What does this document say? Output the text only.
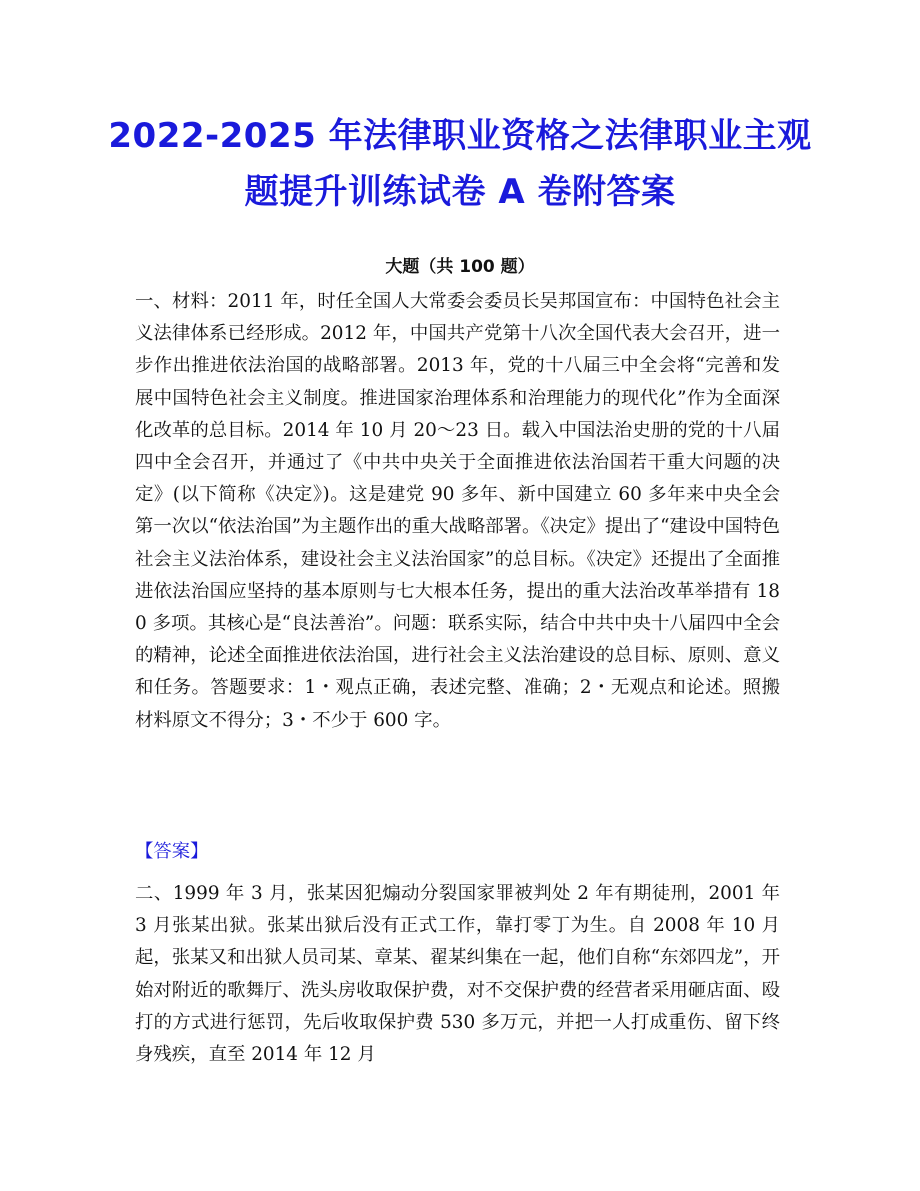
2022-2025 年法律职业资格之法律职业主观题提升训练试卷 A 卷附答案
大题（共 100 题）

一、材料：2011 年，时任全国人大常委会委员长吴邦国宣布：中国特色社会主义法律体系已经形成。2012 年，中国共产党第十八次全国代表大会召开，进一步作出推进依法治国的战略部署。2013 年，党的十八届三中全会将“完善和发展中国特色社会主义制度。推进国家治理体系和治理能力的现代化”作为全面深化改革的总目标。2014 年 10 月 20～23 日。载入中国法治史册的党的十八届四中全会召开，并通过了《中共中央关于全面推进依法治国若干重大问题的决定》(以下简称《决定》)。这是建党 90 多年、新中国建立 60 多年来中央全会第一次以“依法治国”为主题作出的重大战略部署。《决定》提出了“建设中国特色社会主义法治体系，建设社会主义法治国家”的总目标。《决定》还提出了全面推进依法治国应坚持的基本原则与七大根本任务，提出的重大法治改革举措有 180 多项。其核心是“良法善治”。问题：联系实际，结合中共中央十八届四中全会的精神，论述全面推进依法治国，进行社会主义法治建设的总目标、原则、意义和任务。答题要求：1・观点正确，表述完整、准确；2・无观点和论述。照搬材料原文不得分；3・不少于 600 字。

【答案】

二、1999 年 3 月，张某因犯煽动分裂国家罪被判处 2 年有期徒刑，2001 年 3 月张某出狱。张某出狱后没有正式工作，靠打零丁为生。自 2008 年 10 月起，张某又和出狱人员司某、章某、翟某纠集在一起，他们自称“东郊四龙”，开始对附近的歌舞厅、洗头房收取保护费，对不交保护费的经营者采用砸店面、殴打的方式进行惩罚，先后收取保护费 530 多万元，并把一人打成重伤、留下终身残疾，直至 2014 年 12 月
